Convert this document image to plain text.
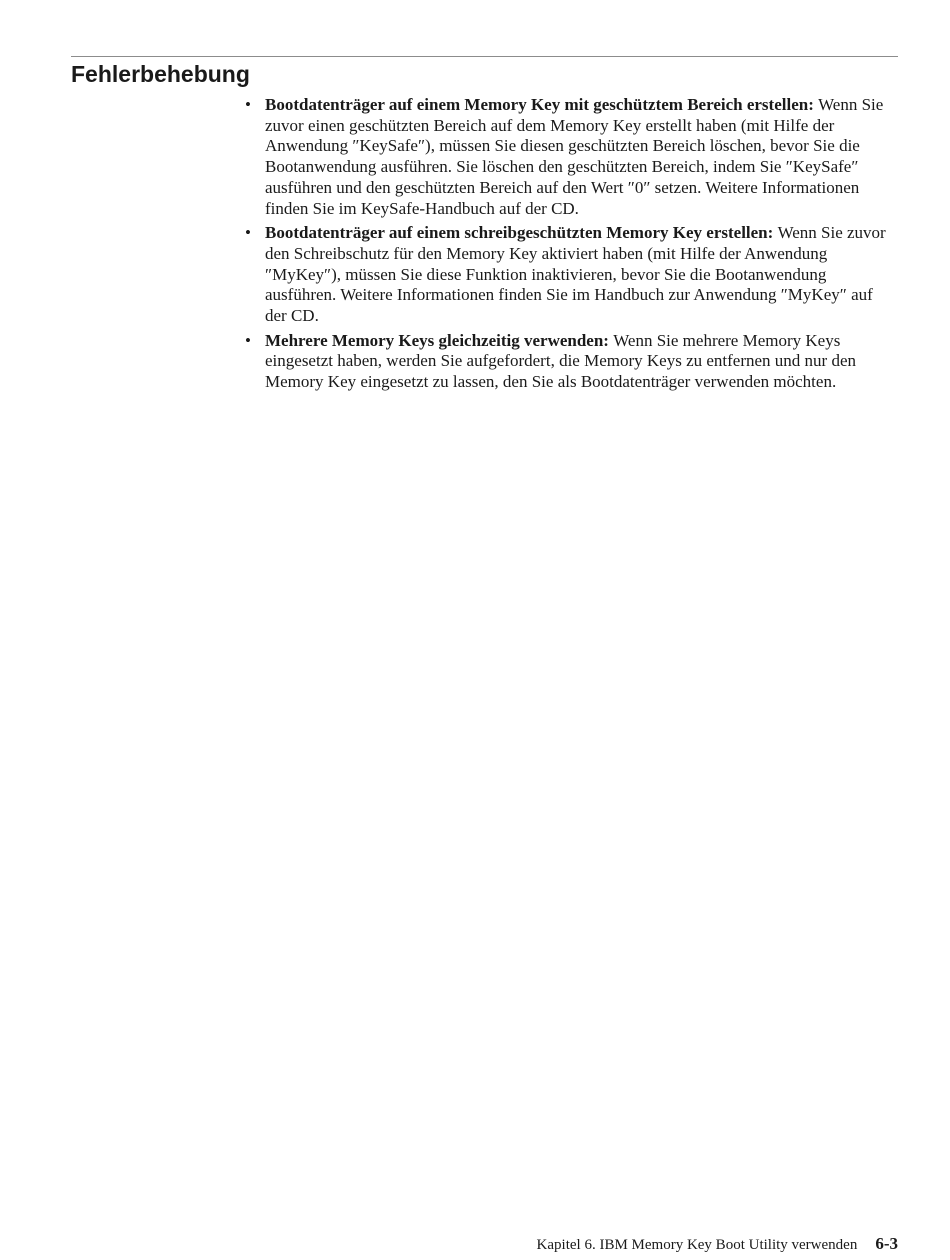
Fehlerbehebung
• Bootdatenträger auf einem Memory Key mit geschütztem Bereich erstellen: Wenn Sie zuvor einen geschützten Bereich auf dem Memory Key erstellt haben (mit Hilfe der Anwendung ″KeySafe″), müssen Sie diesen geschützten Bereich löschen, bevor Sie die Bootanwendung ausführen. Sie löschen den geschützten Bereich, indem Sie ″KeySafe″ ausführen und den geschützten Bereich auf den Wert ″0″ setzen. Weitere Informationen finden Sie im KeySafe-Handbuch auf der CD.
• Bootdatenträger auf einem schreibgeschützten Memory Key erstellen: Wenn Sie zuvor den Schreibschutz für den Memory Key aktiviert haben (mit Hilfe der Anwendung ″MyKey″), müssen Sie diese Funktion inaktivieren, bevor Sie die Bootanwendung ausführen. Weitere Informationen finden Sie im Handbuch zur Anwendung ″MyKey″ auf der CD.
• Mehrere Memory Keys gleichzeitig verwenden: Wenn Sie mehrere Memory Keys eingesetzt haben, werden Sie aufgefordert, die Memory Keys zu entfernen und nur den Memory Key eingesetzt zu lassen, den Sie als Bootdatenträger verwenden möchten.
Kapitel 6. IBM Memory Key Boot Utility verwenden 6-3
